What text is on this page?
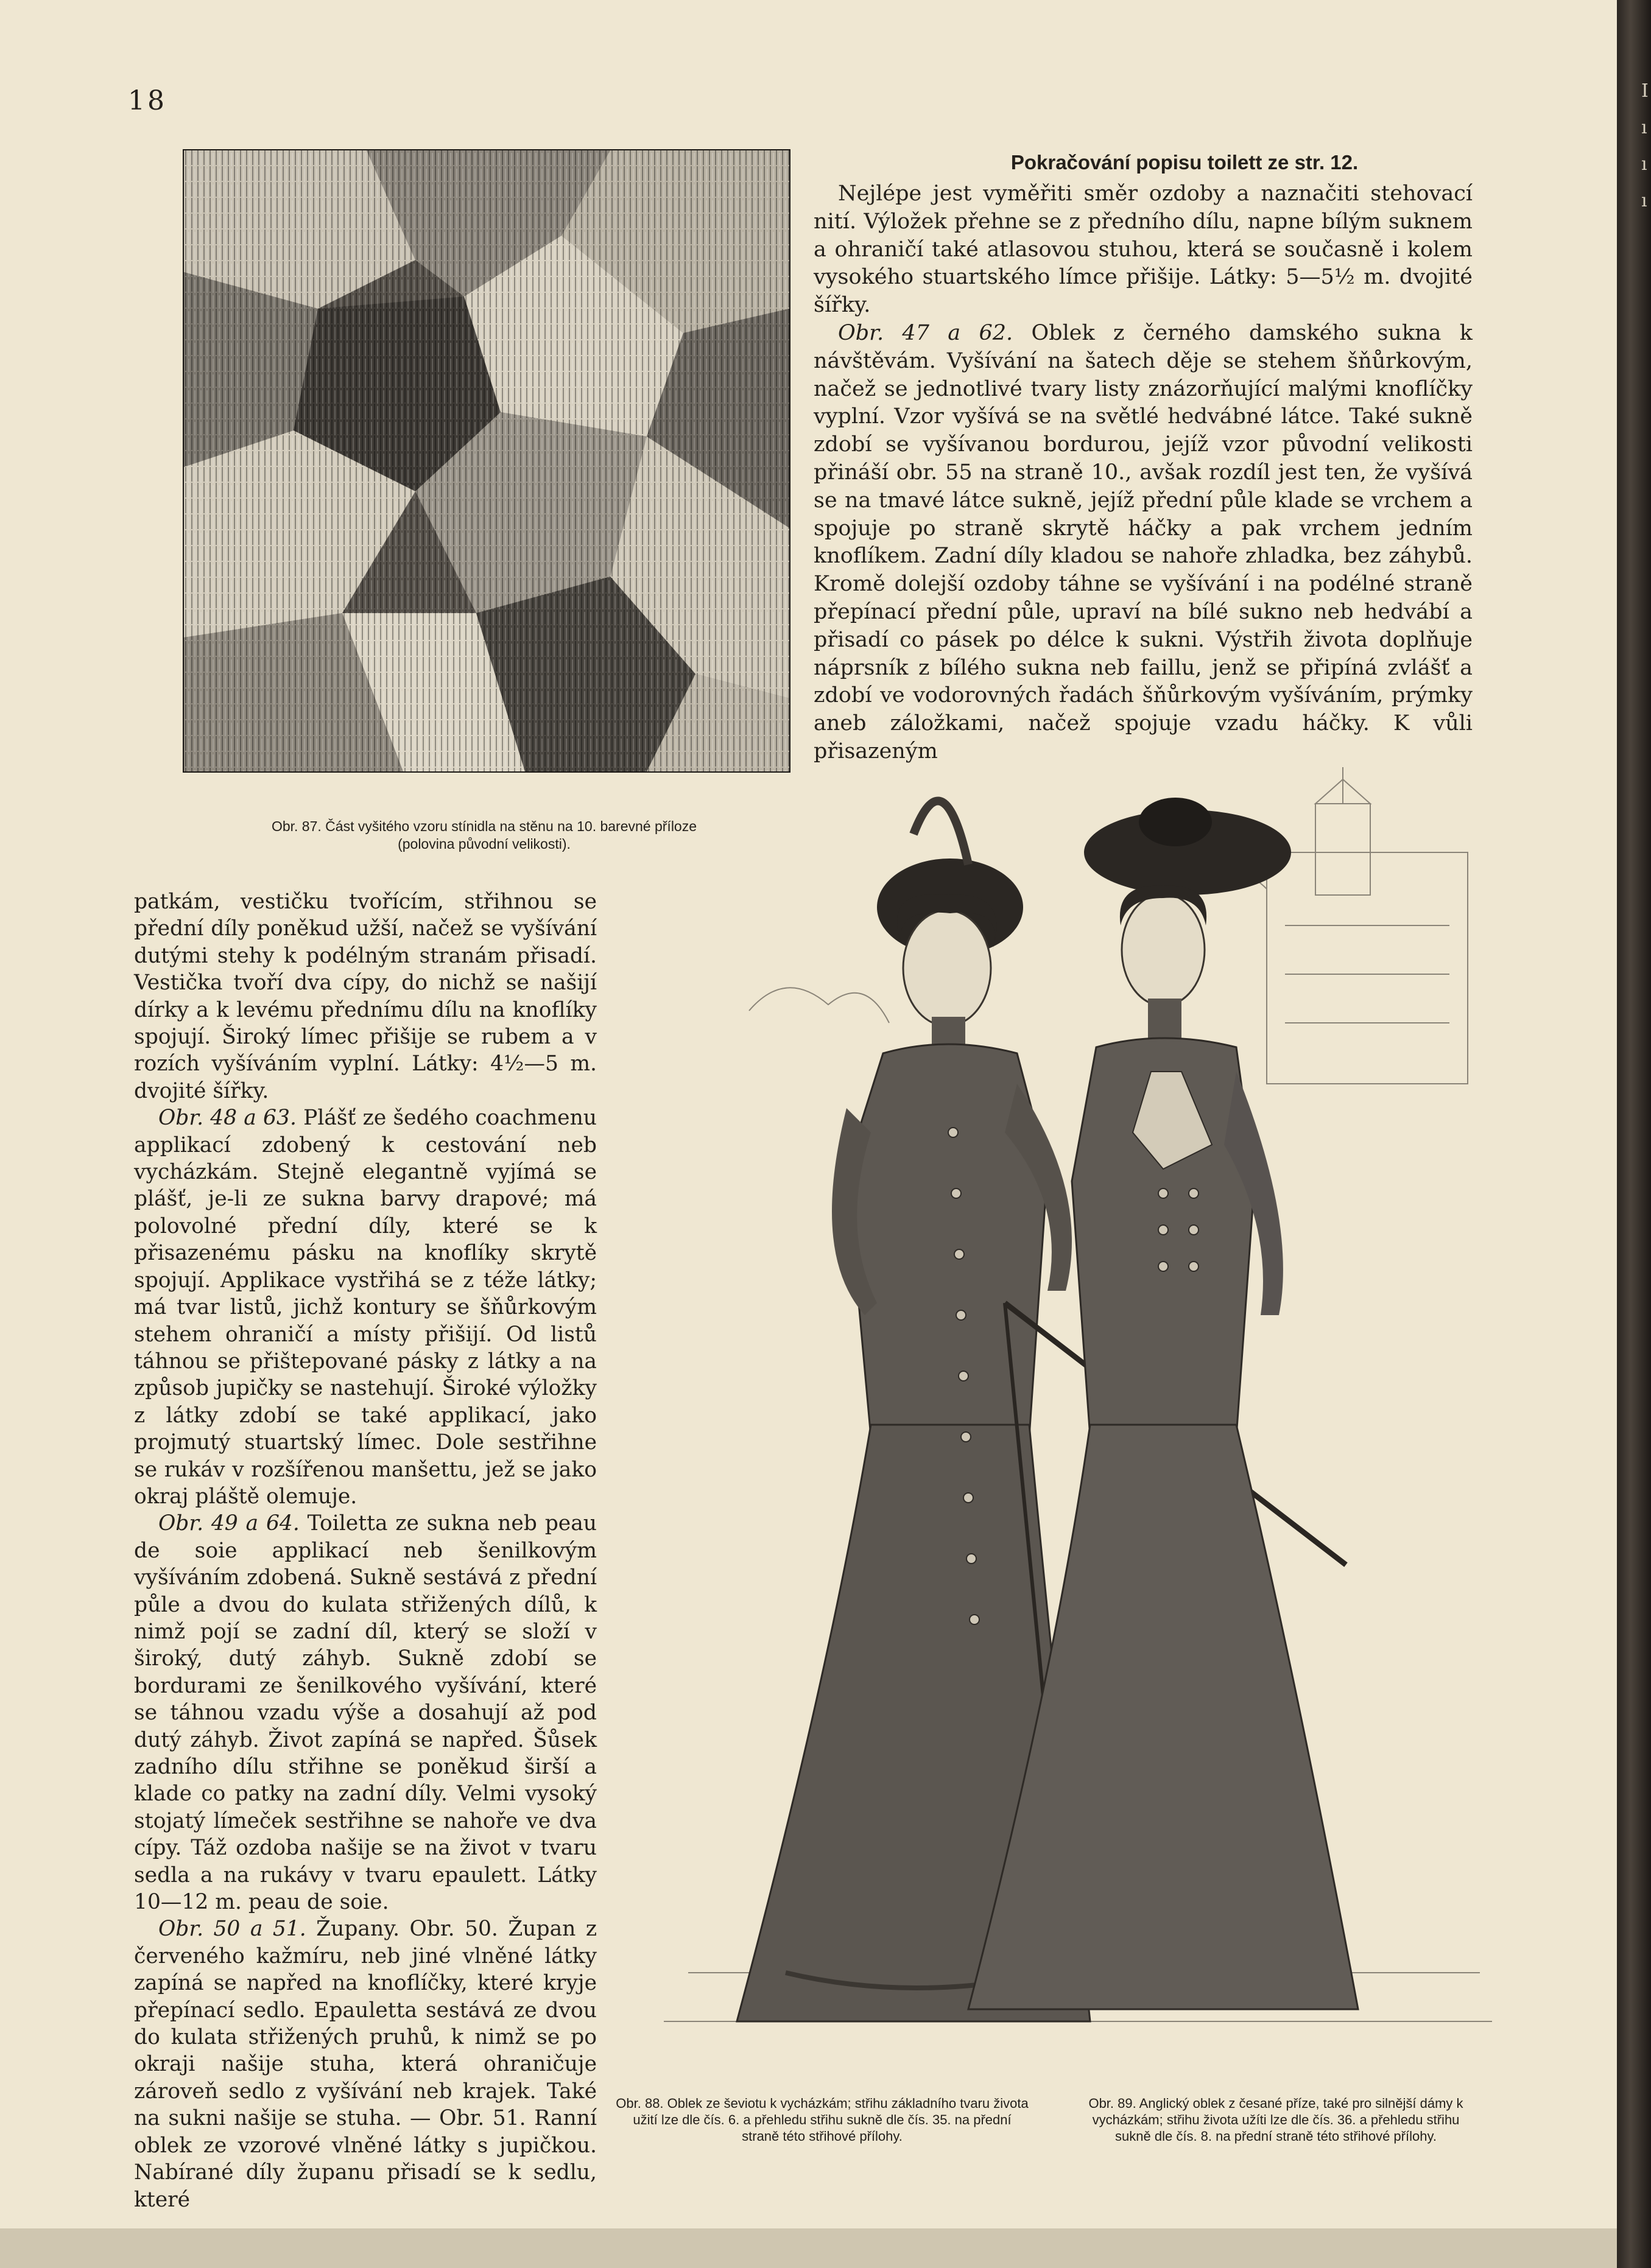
I
ı
ı
ı
18
Obr. 87. Část vyšitého vzoru stínidla na stěnu na 10. barevné příloze
(polovina původní velikosti).
Pokračování popisu toilett ze str. 12.

Nejlépe jest vyměřiti směr ozdoby a naznačiti stehovací nití. Výložek přehne se z předního dílu, napne bílým suknem a ohraničí také atlasovou stuhou, která se současně i kolem vysokého stuartského límce přišije. Látky: 5—5½ m. dvojité šířky.

Obr. 47 a 62. Oblek z černého damského sukna k návštěvám. Vyšívání na šatech děje se stehem šňůrkovým, načež se jednotlivé tvary listy znázorňující malými knoflíčky vyplní. Vzor vyšívá se na světlé hedvábné látce. Také sukně zdobí se vyšívanou bordurou, jejíž vzor původní velikosti přináší obr. 55 na straně 10., avšak rozdíl jest ten, že vyšívá se na tmavé látce sukně, jejíž přední půle klade se vrchem a spojuje po straně skrytě háčky a pak vrchem jedním knoflíkem. Zadní díly kladou se nahoře zhladka, bez záhybů. Kromě dolejší ozdoby táhne se vyšívání i na podélné straně přepínací přední půle, upraví na bílé sukno neb hedvábí a přisadí co pásek po délce k sukni. Výstřih života doplňuje náprsník z bílého sukna neb faillu, jenž se připíná zvlášť a zdobí ve vodorovných řadách šňůrkovým vyšíváním, prýmky aneb záložkami, načež spojuje vzadu háčky. K vůli přisazeným

patkám, vestičku tvořícím, střihnou se přední díly poněkud užší, načež se vyšívání dutými stehy k podélným stranám přisadí. Vestička tvoří dva cípy, do nichž se našijí dírky a k levému přednímu dílu na knoflíky spojují. Široký límec přišije se rubem a v rozích vyšíváním vyplní. Látky: 4½—5 m. dvojité šířky.

Obr. 48 a 63. Plášť ze šedého coachmenu applikací zdobený k cestování neb vycházkám. Stejně elegantně vyjímá se plášť, je-li ze sukna barvy drapové; má polovolné přední díly, které se k přisazenému pásku na knoflíky skrytě spojují. Applikace vystřihá se z téže látky; má tvar listů, jichž kontury se šňůrkovým stehem ohraničí a místy přišijí. Od listů táhnou se přištepované pásky z látky a na způsob jupičky se nastehují. Široké výložky z látky zdobí se také applikací, jako projmutý stuartský límec. Dole sestřihne se rukáv v rozšířenou manšettu, jež se jako okraj pláště olemuje.

Obr. 49 a 64. Toiletta ze sukna neb peau de soie applikací neb šenilkovým vyšíváním zdobená. Sukně sestává z přední půle a dvou do kulata střižených dílů, k nimž pojí se zadní díl, který se složí v široký, dutý záhyb. Sukně zdobí se bordurami ze šenilkového vyšívání, které se táhnou vzadu výše a dosahují až pod dutý záhyb. Život zapíná se napřed. Šůsek zadního dílu střihne se poněkud širší a klade co patky na zadní díly. Velmi vysoký stojatý límeček sestřihne se nahoře ve dva cípy. Táž ozdoba našije se na život v tvaru sedla a na rukávy v tvaru epaulett. Látky 10—12 m. peau de soie.

Obr. 50 a 51. Župany. Obr. 50. Župan z červeného kažmíru, neb jiné vlněné látky zapíná se napřed na knoflíčky, které kryje přepínací sedlo. Epauletta sestává ze dvou do kulata střižených pruhů, k nimž se po okraji našije stuha, která ohraničuje zároveň sedlo z vyšívání neb krajek. Také na sukni našije se stuha. — Obr. 51. Ranní oblek ze vzorové vlněné látky s jupičkou. Nabírané díly županu přisadí se k sedlu, které

Obr. 88. Oblek ze ševiotu k vycházkám; střihu základního tvaru života užití lze dle čís. 6. a přehledu střihu sukně dle čís. 35. na přední straně této střihové přílohy.
Obr. 89. Anglický oblek z česané příze, také pro silnější dámy k vycházkám; střihu života užíti lze dle čís. 36. a přehledu střihu sukně dle čís. 8. na přední straně této střihové přílohy.
